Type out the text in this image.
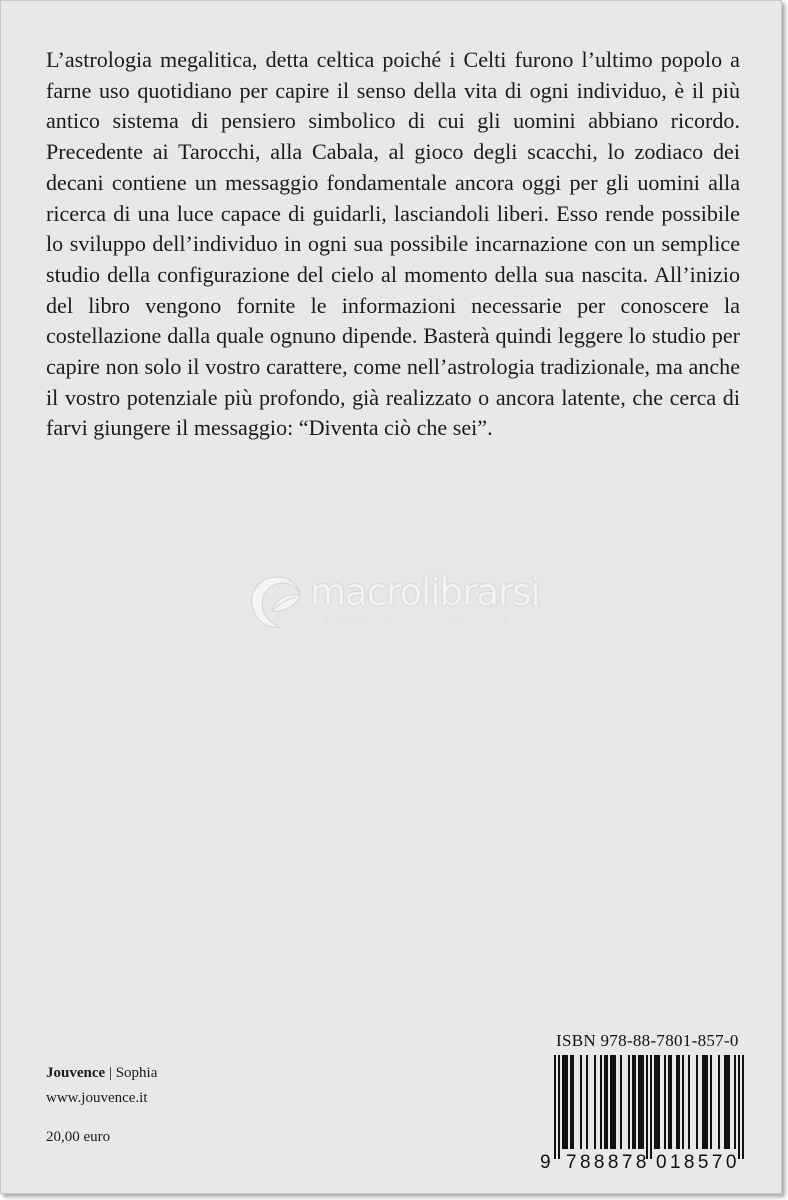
L’astrologia megalitica, detta celtica poiché i Celti furono l’ultimo popolo a farne uso quotidiano per capire il senso della vita di ogni individuo, è il più antico sistema di pensiero simbolico di cui gli uomini abbiano ricordo. Precedente ai Tarocchi, alla Cabala, al gioco degli scacchi, lo zodiaco dei decani contiene un messaggio fondamentale ancora oggi per gli uomini alla ricerca di una luce capace di guidarli, lasciandoli liberi. Esso rende possibile lo sviluppo dell’individuo in ogni sua possibile incarnazione con un semplice studio della configurazione del cielo al momento della sua nascita. All’inizio del libro vengono fornite le informazioni necessarie per conoscere la costellazione dalla quale ognuno dipende. Basterà quindi leggere lo studio per capire non solo il vostro carattere, come nell’astrologia tradizionale, ma anche il vostro potenziale più profondo, già realizzato o ancora latente, che cerca di farvi giungere il messaggio: “Diventa ciò che sei”.

macrolibrarsi
ALTERNATIVA NATURALE
Jouvence | Sophia
www.jouvence.it
20,00 euro
ISBN 978-88-7801-857-0
9 788878 018570
